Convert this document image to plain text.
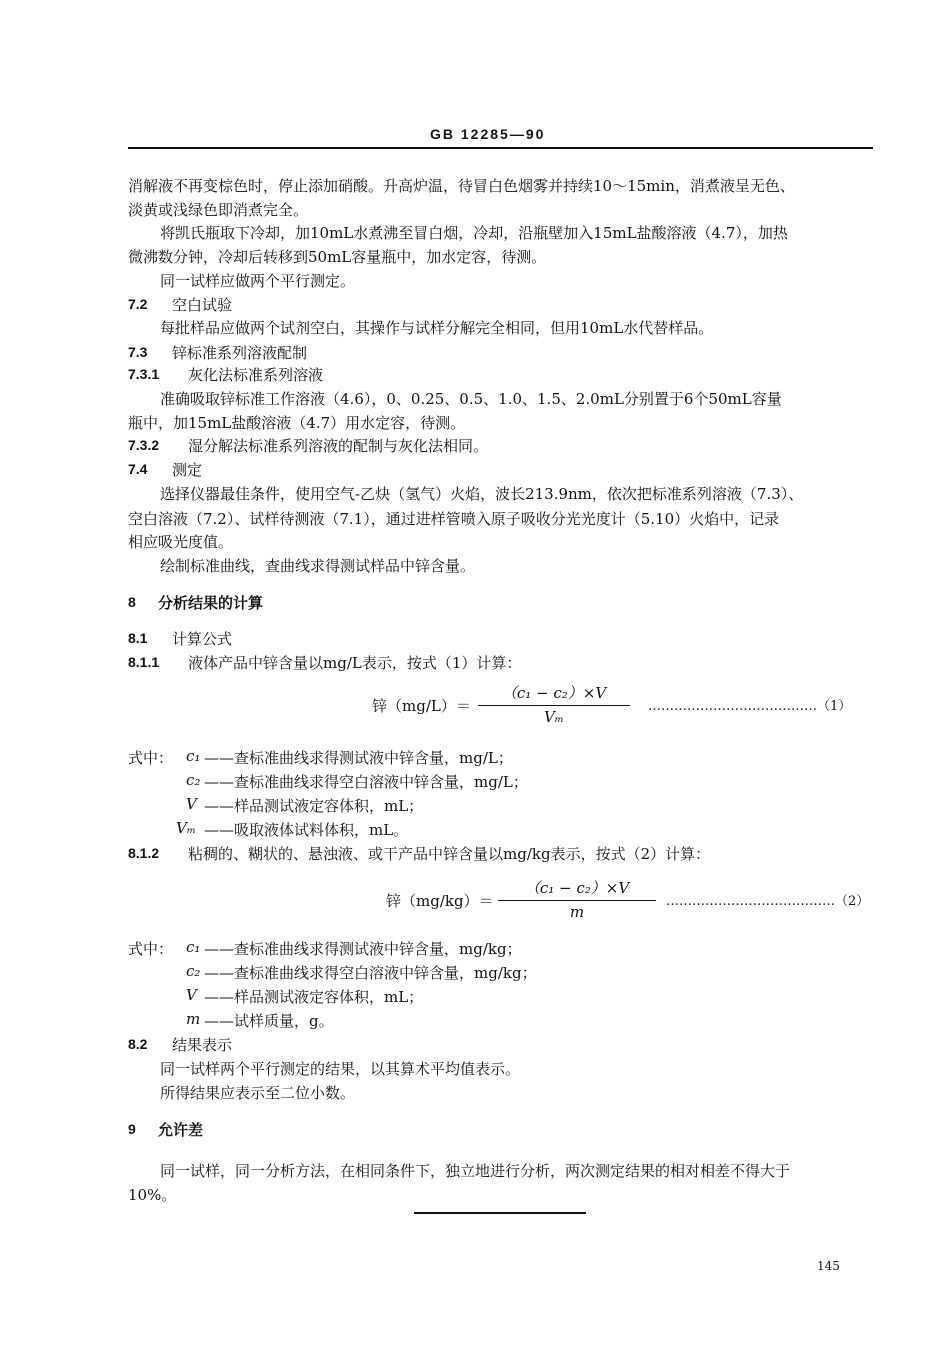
GB 12285—90
消解液不再变棕色时，停止添加硝酸。升高炉温，待冒白色烟雾并持续10～15min，消煮液呈无色、
淡黄或浅绿色即消煮完全。
将凯氏瓶取下冷却，加10mL水煮沸至冒白烟，冷却，沿瓶壁加入15mL盐酸溶液（4.7），加热
微沸数分钟，冷却后转移到50mL容量瓶中，加水定容，待测。
同一试样应做两个平行测定。
7.2 空白试验
每批样品应做两个试剂空白，其操作与试样分解完全相同，但用10mL水代替样品。
7.3 锌标准系列溶液配制
7.3.1 灰化法标准系列溶液
准确吸取锌标准工作溶液（4.6），0、0.25、0.5、1.0、1.5、2.0mL分别置于6个50mL容量
瓶中，加15mL盐酸溶液（4.7）用水定容，待测。
7.3.2 湿分解法标准系列溶液的配制与灰化法相同。
7.4 测定
选择仪器最佳条件，使用空气-乙炔（氢气）火焰，波长213.9nm，依次把标准系列溶液（7.3）、
空白溶液（7.2）、试样待测液（7.1），通过进样管喷入原子吸收分光光度计（5.10）火焰中，记录
相应吸光度值。
绘制标准曲线，查曲线求得测试样品中锌含量。
8 分析结果的计算
8.1 计算公式
8.1.1 液体产品中锌含量以mg/L表示，按式（1）计算：
锌（mg/L）＝
（c₁ − c₂）×V
Vₘ
…………………………………（1）
式中： c₁ ——查标准曲线求得测试液中锌含量，mg/L；
c₂ ——查标准曲线求得空白溶液中锌含量，mg/L；
V ——样品测试液定容体积，mL；
Vₘ ——吸取液体试料体积，mL。
8.1.2 粘稠的、糊状的、悬浊液、或干产品中锌含量以mg/kg表示，按式（2）计算：
锌（mg/kg）＝
（c₁ − c₂）×V
m
…………………………………（2）
式中： c₁ ——查标准曲线求得测试液中锌含量，mg/kg；
c₂ ——查标准曲线求得空白溶液中锌含量，mg/kg；
V ——样品测试液定容体积，mL；
m ——试样质量，g。
8.2 结果表示
同一试样两个平行测定的结果，以其算术平均值表示。
所得结果应表示至二位小数。
9 允许差
同一试样，同一分析方法，在相同条件下，独立地进行分析，两次测定结果的相对相差不得大于
10%。
145
